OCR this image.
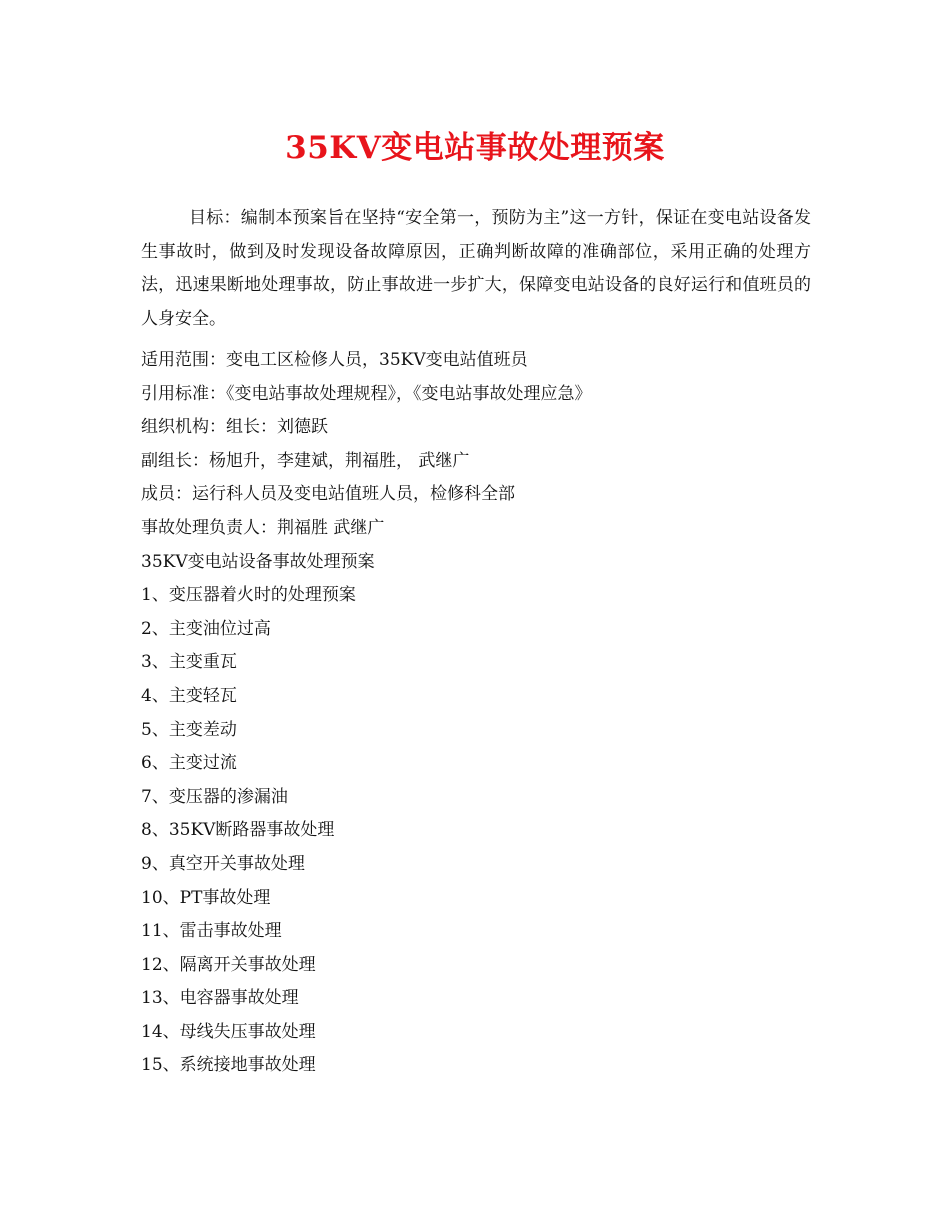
35KV变电站事故处理预案

目标：编制本预案旨在坚持“安全第一，预防为主”这一方针，保证在变电站设备发生事故时，做到及时发现设备故障原因，正确判断故障的准确部位，采用正确的处理方法，迅速果断地处理事故，防止事故进一步扩大，保障变电站设备的良好运行和值班员的人身安全。

适用范围：变电工区检修人员，35KV变电站值班员
引用标准：《变电站事故处理规程》，《变电站事故处理应急》
组织机构：组长：刘德跃
副组长：杨旭升，李建斌，荆福胜， 武继广
成员：运行科人员及变电站值班人员，检修科全部
事故处理负责人：荆福胜 武继广
35KV变电站设备事故处理预案
1、变压器着火时的处理预案
2、主变油位过高
3、主变重瓦
4、主变轻瓦
5、主变差动
6、主变过流
7、变压器的渗漏油
8、35KV断路器事故处理
9、真空开关事故处理
10、PT事故处理
11、雷击事故处理
12、隔离开关事故处理
13、电容器事故处理
14、母线失压事故处理
15、系统接地事故处理
